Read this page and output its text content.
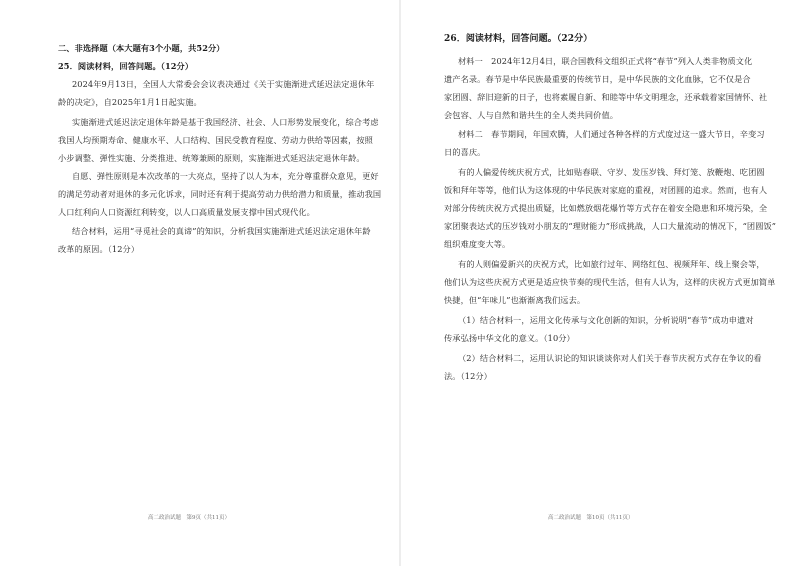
二、非选择题（本大题有3个小题，共52分）
25．阅读材料，回答问题。（12分）
2024年9月13日，全国人大常委会会议表决通过《关于实施渐进式延迟法定退休年
龄的决定》，自2025年1月1日起实施。
实施渐进式延迟法定退休年龄是基于我国经济、社会、人口形势发展变化，综合考虑
我国人均预期寿命、健康水平、人口结构、国民受教育程度、劳动力供给等因素，按照
小步调整、弹性实施、分类推进、统筹兼顾的原则，实施渐进式延迟法定退休年龄。
自愿、弹性原则是本次改革的一大亮点，坚持了以人为本，充分尊重群众意见，更好
的满足劳动者对退休的多元化诉求，同时还有利于提高劳动力供给潜力和质量，推动我国
人口红利向人口资源红利转变，以人口高质量发展支撑中国式现代化。
结合材料，运用“寻觅社会的真谛”的知识，分析我国实施渐进式延迟法定退休年龄
改革的原因。（12分）
高二政治试题　第9页（共11页）
26．阅读材料，回答问题。（22分）
材料一　2024年12月4日，联合国教科文组织正式将“春节”列入人类非物质文化
遗产名录。春节是中华民族最重要的传统节日，是中华民族的文化血脉，它不仅是合
家团圆、辞旧迎新的日子，也将素履自新、和睦等中华文明理念，还承载着家国情怀、社
会包容、人与自然和谐共生的全人类共同价值。
材料二　春节期间，年国欢腾，人们通过各种各样的方式度过这一盛大节日，辛变习
日的喜庆。
有的人偏爱传统庆祝方式，比如贴春联、守岁、发压岁钱、拜灯笼、放鞭炮、吃团圆
饭和拜年等等，他们认为这体现的中华民族对家庭的重视，对团圆的追求。然而，也有人
对部分传统庆祝方式提出质疑，比如燃放烟花爆竹等方式存在着安全隐患和环境污染，全
家团聚表达式的压岁钱对小朋友的“理财能力”形成挑战，人口大量流动的情况下，“团圆饭”
组织难度变大等。
有的人则偏爱新兴的庆祝方式，比如旅行过年、网络红包、视频拜年、线上聚会等，
他们认为这些庆祝方式更是适应快节奏的现代生活，但有人认为，这样的庆祝方式更加简单
快捷，但“年味儿”也渐渐离我们远去。
（1）结合材料一，运用文化传承与文化创新的知识，分析说明“春节”成功申遗对
传承弘扬中华文化的意义。（10分）
（2）结合材料二，运用认识论的知识谈谈你对人们关于春节庆祝方式存在争议的看
法。（12分）
高二政治试题　第10页（共11页）
